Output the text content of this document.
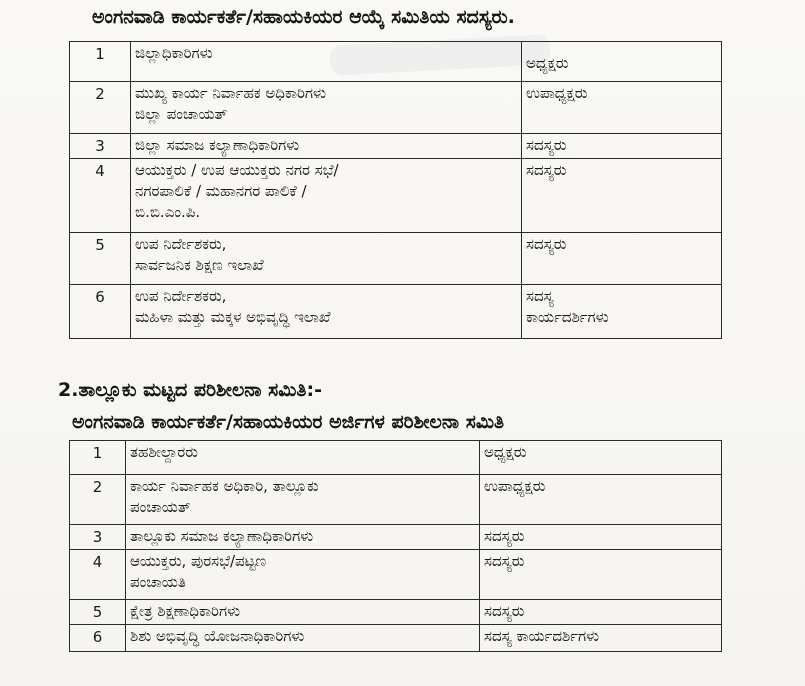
ಅಂಗನವಾಡಿ ಕಾರ್ಯಕರ್ತೆ/ಸಹಾಯಕಿಯರ ಆಯ್ಕೆ ಸಮಿತಿಯ ಸದಸ್ಯರು.
1	ಜಿಲ್ಲಾಧಿಕಾರಿಗಳು	ಅಧ್ಯಕ್ಷರು

2	ಮುಖ್ಯ ಕಾರ್ಯ ನಿರ್ವಾಹಕ ಅಧಿಕಾರಿಗಳು
ಜಿಲ್ಲಾ ಪಂಚಾಯತ್	ಉಪಾಧ್ಯಕ್ಷರು

3	ಜಿಲ್ಲಾ ಸಮಾಜ ಕಲ್ಯಾಣಾಧಿಕಾರಿಗಳು	ಸದಸ್ಯರು

4	ಆಯುಕ್ತರು / ಉಪ ಆಯುಕ್ತರು ನಗರ ಸಭೆ/
ನಗರಪಾಲಿಕೆ / ಮಹಾನಗರ ಪಾಲಿಕೆ /
ಬಿ.ಬಿ.ಎಂ.ಪಿ.	ಸದಸ್ಯರು

5	ಉಪ ನಿರ್ದೇಶಕರು,
ಸಾರ್ವಜನಿಕ ಶಿಕ್ಷಣ ಇಲಾಖೆ	ಸದಸ್ಯರು

6	ಉಪ ನಿರ್ದೇಶಕರು,
ಮಹಿಳಾ ಮತ್ತು ಮಕ್ಕಳ ಅಭಿವೃದ್ಧಿ ಇಲಾಖೆ	ಸದಸ್ಯ
ಕಾರ್ಯದರ್ಶಿಗಳು
2.ತಾಲ್ಲೂಕು ಮಟ್ಟದ ಪರಿಶೀಲನಾ ಸಮಿತಿ:-
ಅಂಗನವಾಡಿ ಕಾರ್ಯಕರ್ತೆ/ಸಹಾಯಕಿಯರ ಅರ್ಜಿಗಳ ಪರಿಶೀಲನಾ ಸಮಿತಿ
1	ತಹಶೀಲ್ದಾರರು	ಅಧ್ಯಕ್ಷರು

2	ಕಾರ್ಯ ನಿರ್ವಾಹಕ ಅಧಿಕಾರಿ, ತಾಲ್ಲೂಕು
ಪಂಚಾಯತ್	ಉಪಾಧ್ಯಕ್ಷರು

3	ತಾಲ್ಲೂಕು ಸಮಾಜ ಕಲ್ಯಾಣಾಧಿಕಾರಿಗಳು	ಸದಸ್ಯರು

4	ಆಯುಕ್ತರು, ಪುರಸಭೆ/ಪಟ್ಟಣ
ಪಂಚಾಯತಿ	ಸದಸ್ಯರು

5	ಕ್ಷೇತ್ರ ಶಿಕ್ಷಣಾಧಿಕಾರಿಗಳು	ಸದಸ್ಯರು

6	ಶಿಶು ಅಭಿವೃದ್ಧಿ ಯೋಜನಾಧಿಕಾರಿಗಳು	ಸದಸ್ಯ ಕಾರ್ಯದರ್ಶಿಗಳು
